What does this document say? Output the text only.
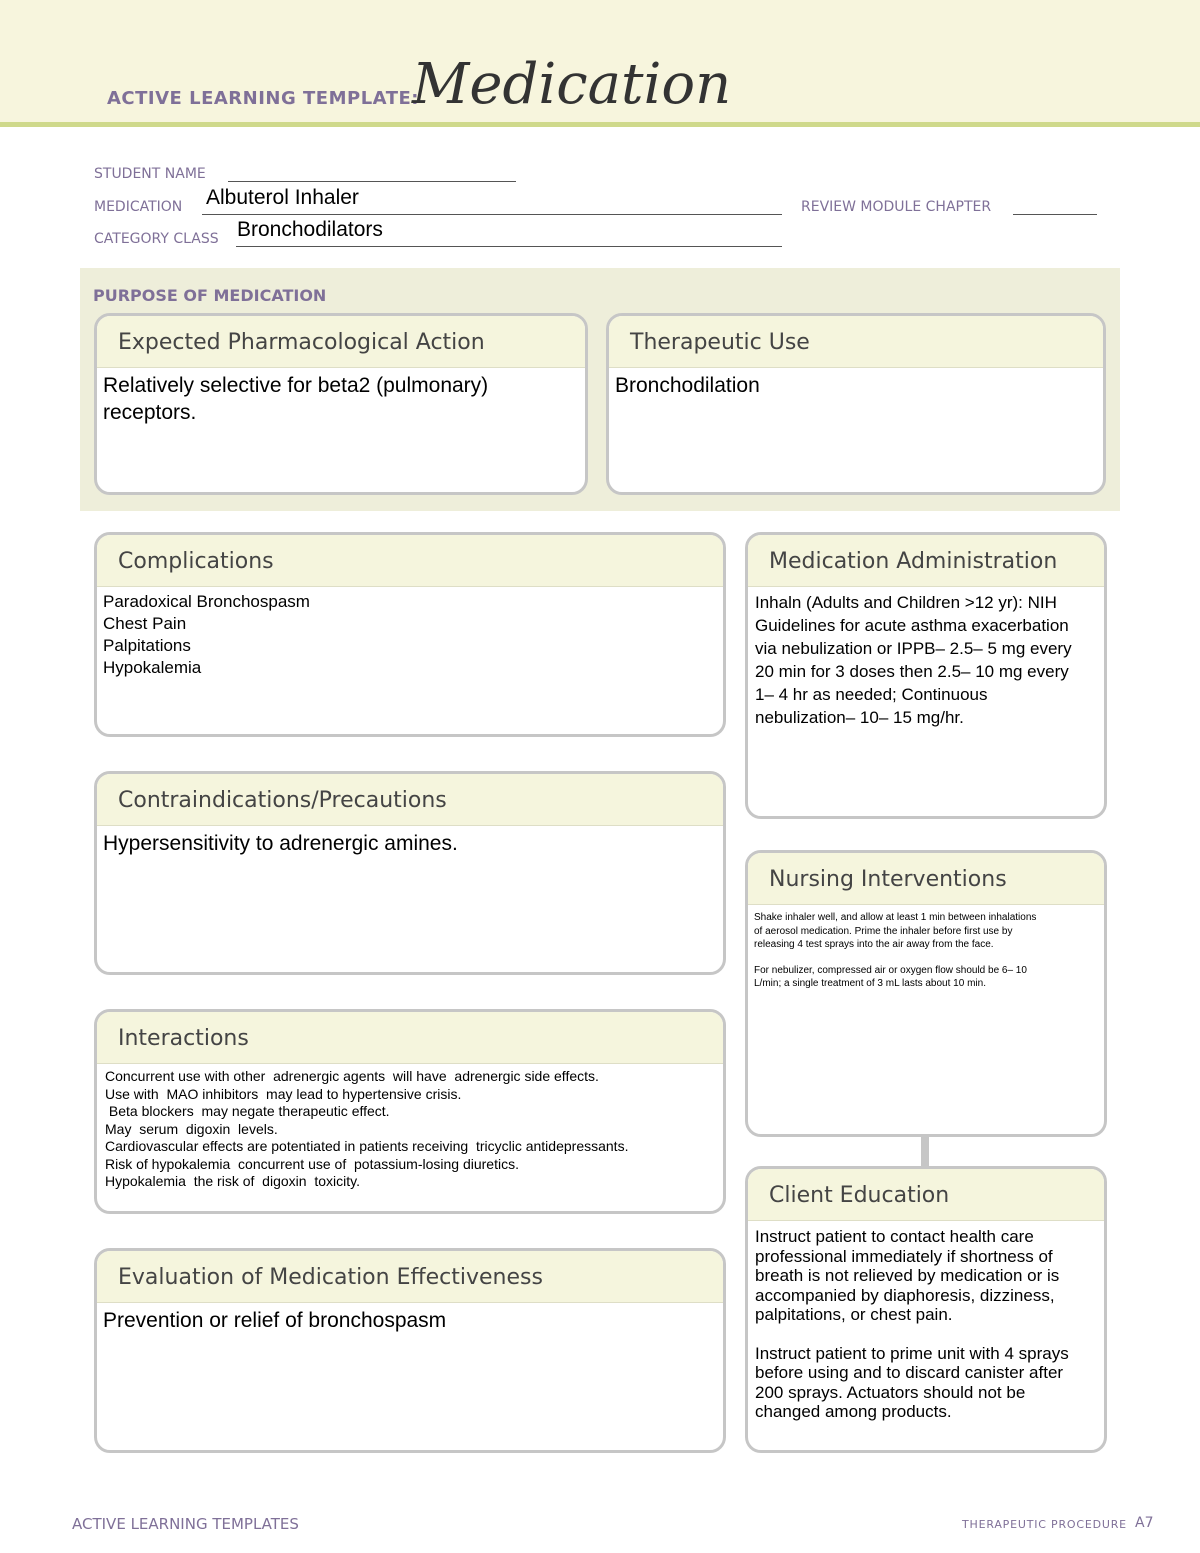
ACTIVE LEARNING TEMPLATE:
Medication
STUDENT NAME
MEDICATION Albuterol Inhaler	REVIEW MODULE CHAPTER
CATEGORY CLASS Bronchodilators
PURPOSE OF MEDICATION
Expected Pharmacological Action
Relatively selective for beta2 (pulmonary) receptors.
Therapeutic Use
Bronchodilation
Complications
Paradoxical Bronchospasm
Chest Pain
Palpitations
Hypokalemia
Contraindications/Precautions
Hypersensitivity to adrenergic amines.
Interactions
Concurrent use with other  adrenergic agents  will have  adrenergic side effects.
Use with  MAO inhibitors  may lead to hypertensive crisis.
Beta blockers  may negate therapeutic effect.
May  serum  digoxin  levels.
Cardiovascular effects are potentiated in patients receiving  tricyclic antidepressants.
Risk of hypokalemia  concurrent use of  potassium-losing diuretics.
Hypokalemia  the risk of  digoxin  toxicity.
Evaluation of Medication Effectiveness
Prevention or relief of bronchospasm
Medication Administration
Inhaln (Adults and Children >12 yr): NIH Guidelines for acute asthma exacerbation via nebulization or IPPB– 2.5– 5 mg every 20 min for 3 doses then 2.5– 10 mg every 1– 4 hr as needed; Continuous nebulization– 10– 15 mg/hr.
Nursing Interventions
Shake inhaler well, and allow at least 1 min between inhalations
of aerosol medication. Prime the inhaler before first use by
releasing 4 test sprays into the air away from the face.
For nebulizer, compressed air or oxygen flow should be 6– 10
L/min; a single treatment of 3 mL lasts about 10 min.
Client Education
Instruct patient to contact health care professional immediately if shortness of breath is not relieved by medication or is accompanied by diaphoresis, dizziness, palpitations, or chest pain.
Instruct patient to prime unit with 4 sprays before using and to discard canister after 200 sprays. Actuators should not be changed among products.
ACTIVE LEARNING TEMPLATES	THERAPEUTIC PROCEDURE A7
